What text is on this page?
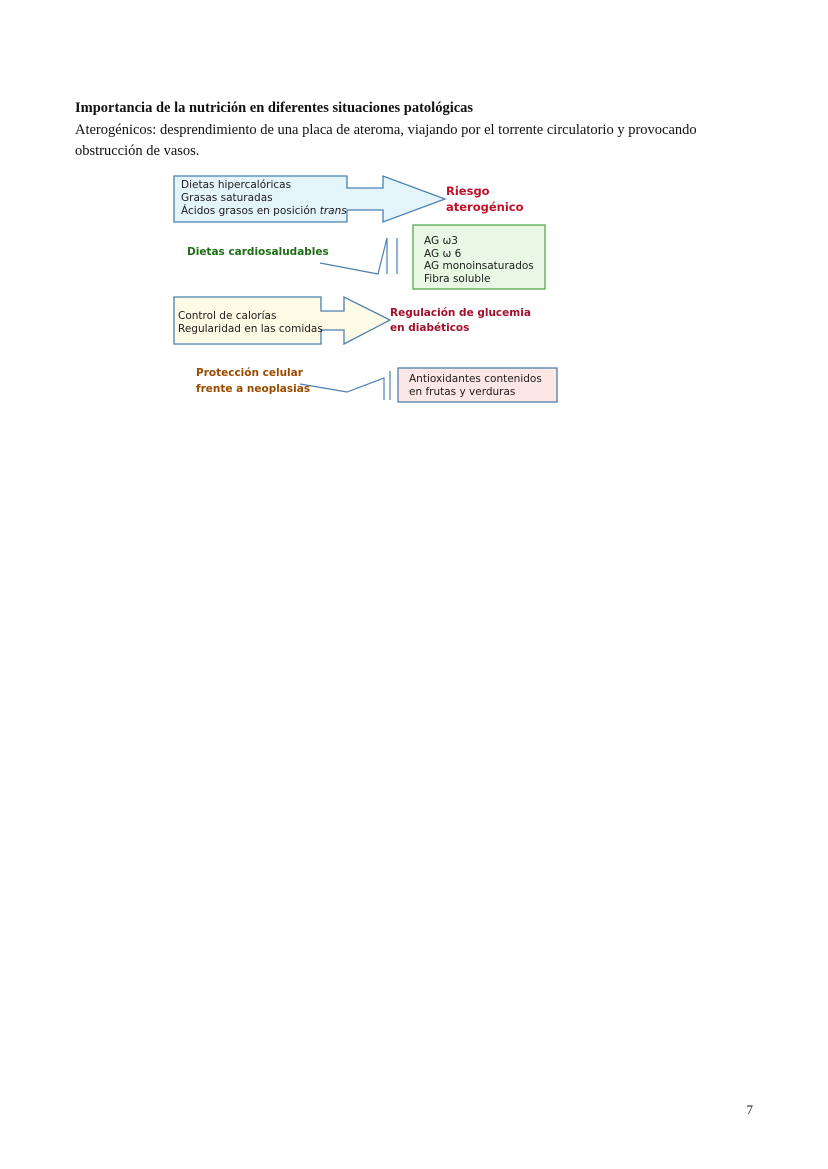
Importancia de la nutrición en diferentes situaciones patológicas

Aterogénicos: desprendimiento de una placa de ateroma, viajando por el torrente circulatorio y provocando obstrucción de vasos.

Dietas hipercalóricas
Grasas saturadas
Ácidos grasos en posición trans
Riesgo
aterogénico
Dietas cardiosaludables
AG ω3
AG ω 6
AG monoinsaturados
Fibra soluble
Control de calorías
Regularidad en las comidas
Regulación de glucemia
en diabéticos
Protección celular
frente a neoplasias
Antioxidantes contenidos
en frutas y verduras
7
